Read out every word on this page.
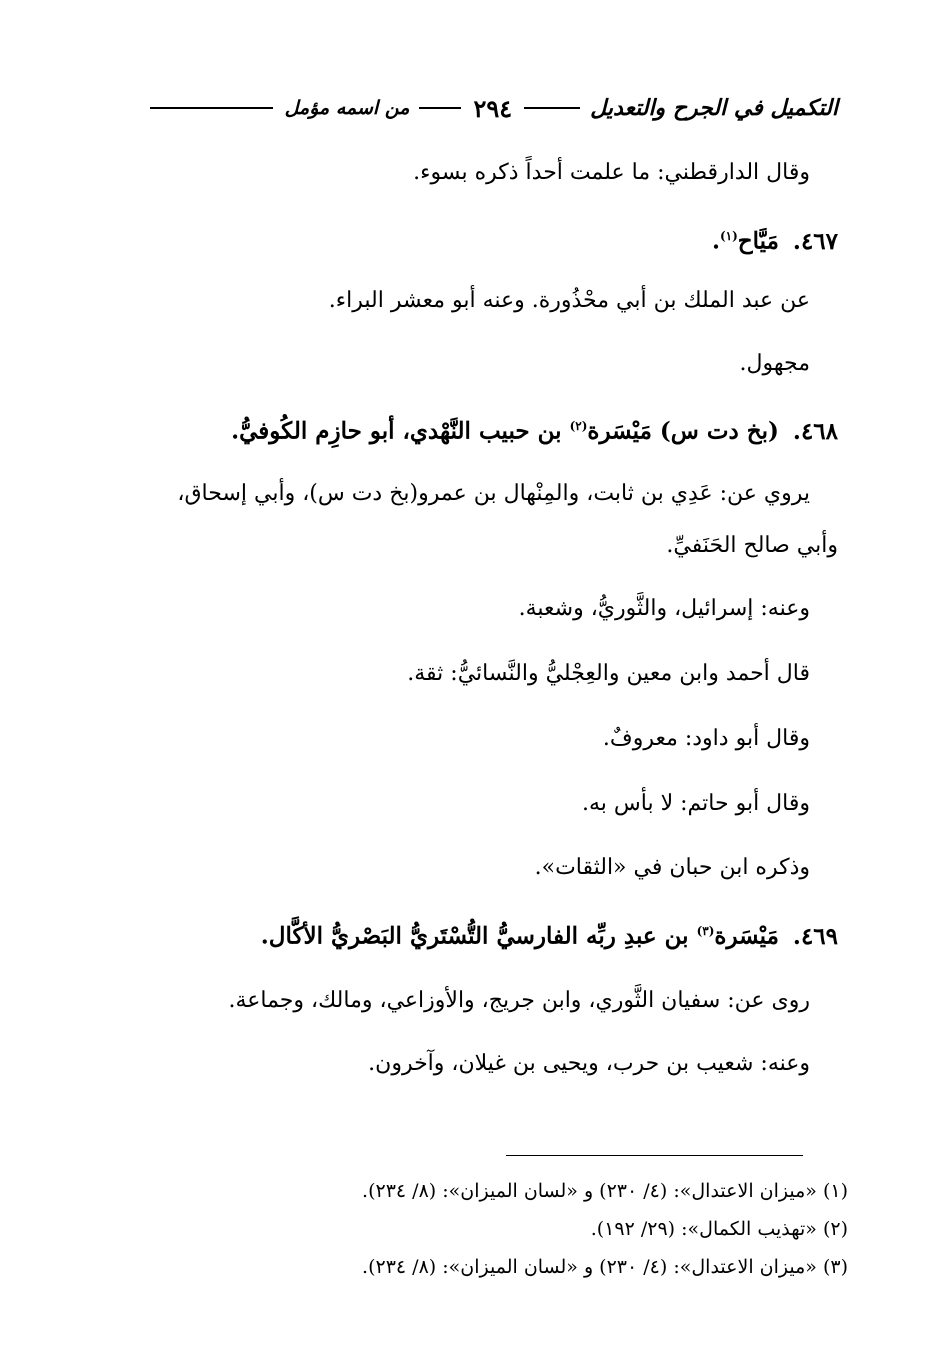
التكميل في الجرح والتعديل
٢٩٤
من اسمه مؤمل
وقال الدارقطني: ما علمت أحداً ذكره بسوء.
٤٦٧.مَيَّاح$^{(١)}$.
عن عبد الملك بن أبي محْذُورة. وعنه أبو معشر البراء.
مجهول.
٤٦٨.(بخ دت س) مَيْسَرة$^{(٢)}$ بن حبيب النَّهْدي، أبو حازِم الكُوفيُّ.
يروي عن: عَدِي بن ثابت، والمِنْهال بن عمرو(بخ دت س)، وأبي إسحاق،
وأبي صالح الحَنَفيِّ.
وعنه: إسرائيل، والثَّوريُّ، وشعبة.
قال أحمد وابن معين والعِجْليُّ والنَّسائيُّ: ثقة.
وقال أبو داود: معروفٌ.
وقال أبو حاتم: لا بأس به.
وذكره ابن حبان في «الثقات».
٤٦٩.مَيْسَرة$^{(٣)}$ بن عبدِ ربِّه الفارسيُّ التُّسْتَريُّ البَصْريُّ الأكَّال.
روى عن: سفيان الثَّوري، وابن جريج، والأوزاعي، ومالك، وجماعة.
وعنه: شعيب بن حرب، ويحيى بن غيلان، وآخرون.
(١) «ميزان الاعتدال»: (٤/ ٢٣٠) و «لسان الميزان»: (٨/ ٢٣٤).
(٢) «تهذيب الكمال»: (٢٩/ ١٩٢).
(٣) «ميزان الاعتدال»: (٤/ ٢٣٠) و «لسان الميزان»: (٨/ ٢٣٤).
